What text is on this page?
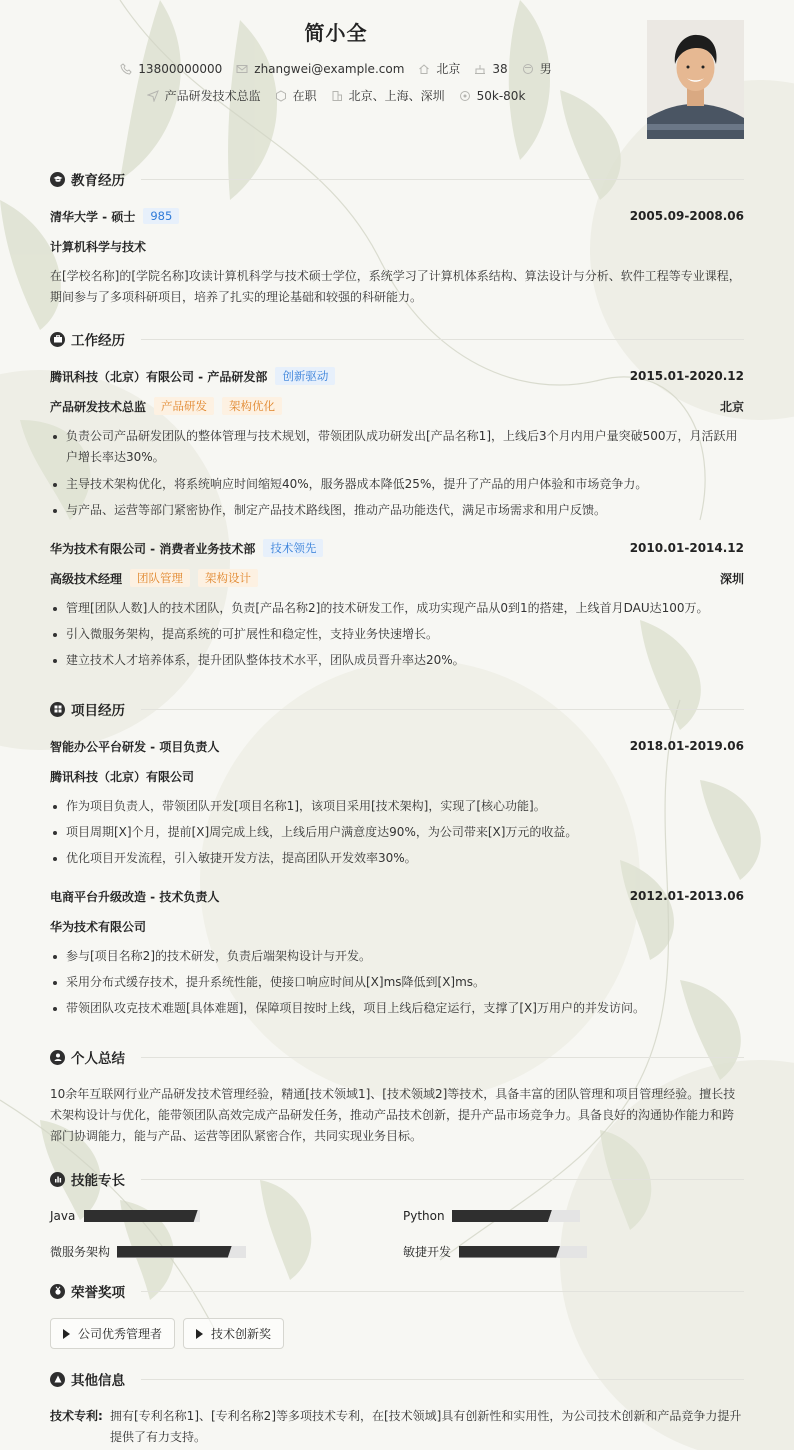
简小全
13800000000	zhangwei@example.com	北京	38	男
产品研发技术总监	在职	北京、上海、深圳	50k-80k
教育经历
清华大学 - 硕士	985	2005.09-2008.06
计算机科学与技术
在[学校名称]的[学院名称]攻读计算机科学与技术硕士学位，系统学习了计算机体系结构、算法设计与分析、软件工程等专业课程，期间参与了多项科研项目，培养了扎实的理论基础和较强的科研能力。
工作经历
腾讯科技（北京）有限公司 - 产品研发部	创新驱动	2015.01-2020.12
产品研发技术总监	产品研发	架构优化	北京
负责公司产品研发团队的整体管理与技术规划，带领团队成功研发出[产品名称1]，上线后3个月内用户量突破500万，月活跃用户增长率达30%。
主导技术架构优化，将系统响应时间缩短40%，服务器成本降低25%，提升了产品的用户体验和市场竞争力。
与产品、运营等部门紧密协作，制定产品技术路线图，推动产品功能迭代，满足市场需求和用户反馈。
华为技术有限公司 - 消费者业务技术部	技术领先	2010.01-2014.12
高级技术经理	团队管理	架构设计	深圳
管理[团队人数]人的技术团队，负责[产品名称2]的技术研发工作，成功实现产品从0到1的搭建，上线首月DAU达100万。
引入微服务架构，提高系统的可扩展性和稳定性，支持业务快速增长。
建立技术人才培养体系，提升团队整体技术水平，团队成员晋升率达20%。
项目经历
智能办公平台研发 - 项目负责人	2018.01-2019.06
腾讯科技（北京）有限公司
作为项目负责人，带领团队开发[项目名称1]，该项目采用[技术架构]，实现了[核心功能]。
项目周期[X]个月，提前[X]周完成上线，上线后用户满意度达90%，为公司带来[X]万元的收益。
优化项目开发流程，引入敏捷开发方法，提高团队开发效率30%。
电商平台升级改造 - 技术负责人	2012.01-2013.06
华为技术有限公司
参与[项目名称2]的技术研发，负责后端架构设计与开发。
采用分布式缓存技术，提升系统性能，使接口响应时间从[X]ms降低到[X]ms。
带领团队攻克技术难题[具体难题]，保障项目按时上线，项目上线后稳定运行，支撑了[X]万用户的并发访问。
个人总结
10余年互联网行业产品研发技术管理经验，精通[技术领域1]、[技术领域2]等技术，具备丰富的团队管理和项目管理经验。擅长技术架构设计与优化，能带领团队高效完成产品研发任务，推动产品技术创新，提升产品市场竞争力。具备良好的沟通协作能力和跨部门协调能力，能与产品、运营等团队紧密合作，共同实现业务目标。
技能专长
Java	Python
微服务架构	敏捷开发
荣誉奖项
公司优秀管理者	技术创新奖
其他信息
技术专利: 拥有[专利名称1]、[专利名称2]等多项技术专利，在[技术领域]具有创新性和实用性，为公司技术创新和产品竞争力提升提供了有力支持。
